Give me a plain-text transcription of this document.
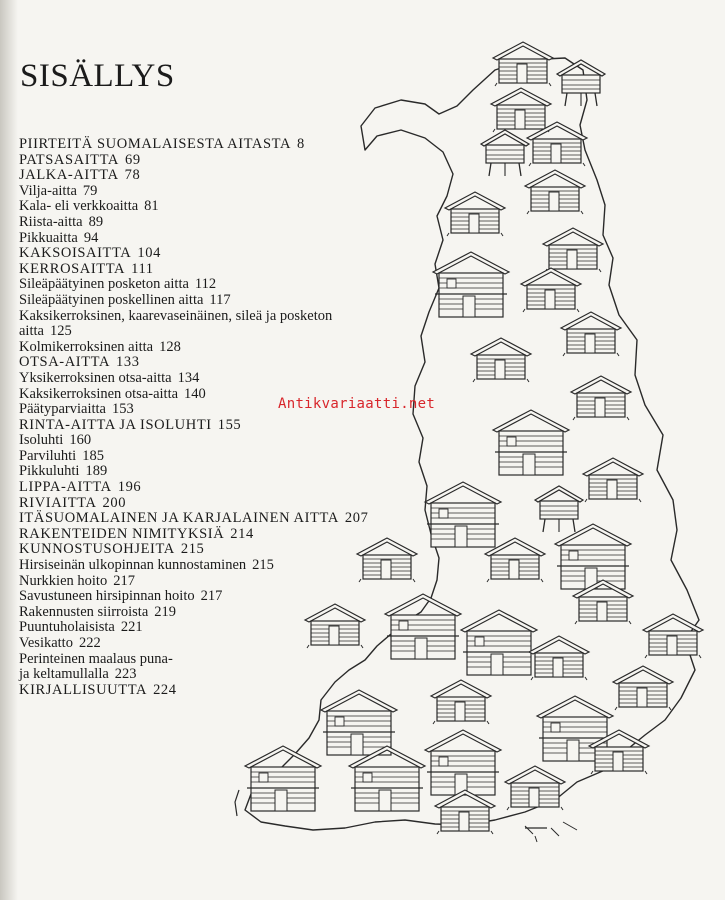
SISÄLLYS
PIIRTEITÄ SUOMALAISESTA AITASTA 8
PATSASAITTA 69
JALKA-AITTA 78
Vilja-aitta 79
Kala- eli verkkoaitta 81
Riista-aitta 89
Pikkuaitta 94
KAKSOISAITTA 104
KERROSAITTA 111
Sileäpäätyinen posketon aitta 112
Sileäpäätyinen poskellinen aitta 117
Kaksikerroksinen, kaarevaseinäinen, sileä ja posketon
aitta 125
Kolmikerroksinen aitta 128
OTSA-AITTA 133
Yksikerroksinen otsa-aitta 134
Kaksikerroksinen otsa-aitta 140
Päätyparviaitta 153
RINTA-AITTA JA ISOLUHTI 155
Isoluhti 160
Parviluhti 185
Pikkuluhti 189
LIPPA-AITTA 196
RIVIAITTA 200
ITÄSUOMALAINEN JA KARJALAINEN AITTA 207
RAKENTEIDEN NIMITYKSIÄ 214
KUNNOSTUSOHJEITA 215
Hirsiseinän ulkopinnan kunnostaminen 215
Nurkkien hoito 217
Savustuneen hirsipinnan hoito 217
Rakennusten siirroista 219
Puuntuholaisista 221
Vesikatto 222
Perinteinen maalaus puna-
ja keltamullalla 223
KIRJALLISUUTTA 224
Antikvariaatti.net
